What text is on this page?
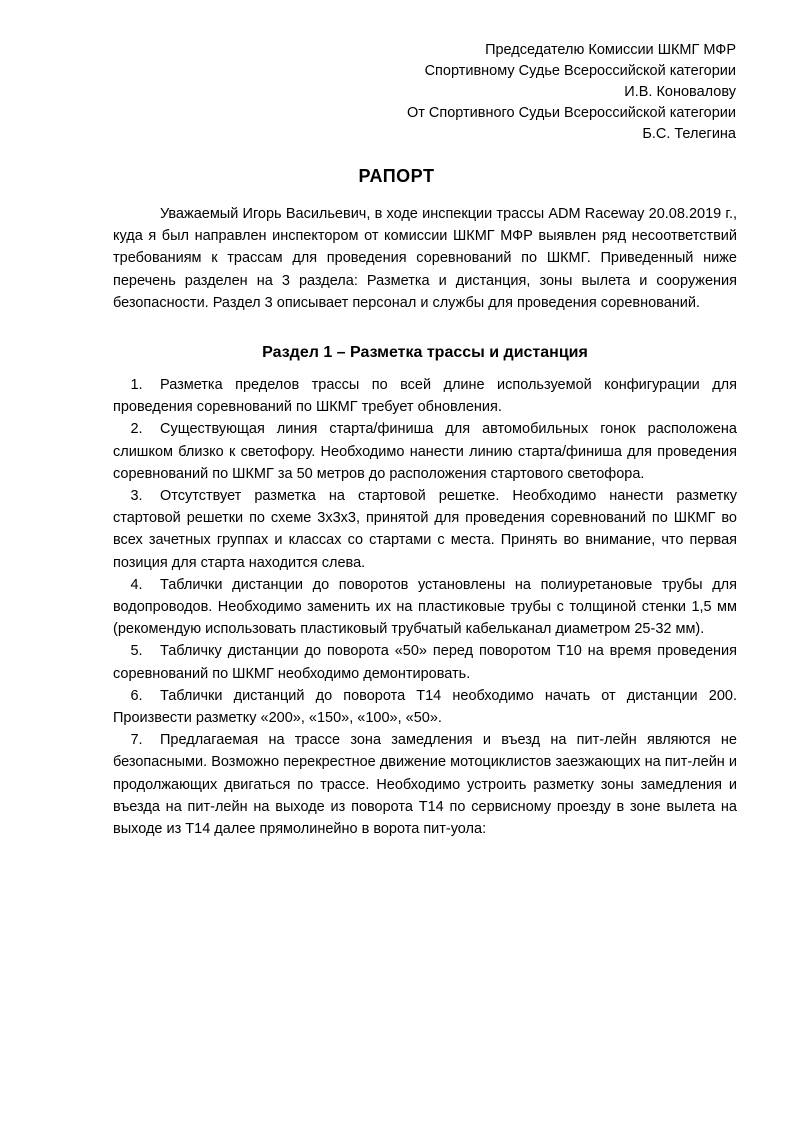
Председателю Комиссии ШКМГ МФР
Спортивному Судье Всероссийской категории
И.В. Коновалову
От Спортивного Судьи Всероссийской категории
Б.С. Телегина
РАПОРТ

Уважаемый Игорь Васильевич, в ходе инспекции трассы ADM Raceway 20.08.2019 г., куда я был направлен инспектором от комиссии ШКМГ МФР выявлен ряд несоответствий требованиям к трассам для проведения соревнований по ШКМГ. Приведенный ниже перечень разделен на 3 раздела: Разметка и дистанция, зоны вылета и сооружения безопасности. Раздел 3 описывает персонал и службы для проведения соревнований.

Раздел 1 – Разметка трассы и дистанция
1. Разметка пределов трассы по всей длине используемой конфигурации для проведения соревнований по ШКМГ требует обновления.
2. Существующая линия старта/финиша для автомобильных гонок расположена слишком близко к светофору. Необходимо нанести линию старта/финиша для проведения соревнований по ШКМГ за 50 метров до расположения стартового светофора.
3. Отсутствует разметка на стартовой решетке. Необходимо нанести разметку стартовой решетки по схеме 3х3х3, принятой для проведения соревнований по ШКМГ во всех зачетных группах и классах со стартами с места. Принять во внимание, что первая позиция для старта находится слева.
4. Таблички дистанции до поворотов установлены на полиуретановые трубы для водопроводов. Необходимо заменить их на пластиковые трубы с толщиной стенки 1,5 мм (рекомендую использовать пластиковый трубчатый кабельканал диаметром 25-32 мм).
5. Табличку дистанции до поворота «50» перед поворотом Т10 на время проведения соревнований по ШКМГ необходимо демонтировать.
6. Таблички дистанций до поворота Т14 необходимо начать от дистанции 200. Произвести разметку «200», «150», «100», «50».
7. Предлагаемая на трассе зона замедления и въезд на пит-лейн являются не безопасными. Возможно перекрестное движение мотоциклистов заезжающих на пит-лейн и продолжающих двигаться по трассе. Необходимо устроить разметку зоны замедления и въезда на пит-лейн на выходе из поворота Т14 по сервисному проезду в зоне вылета на выходе из Т14 далее прямолинейно в ворота пит-уола:
